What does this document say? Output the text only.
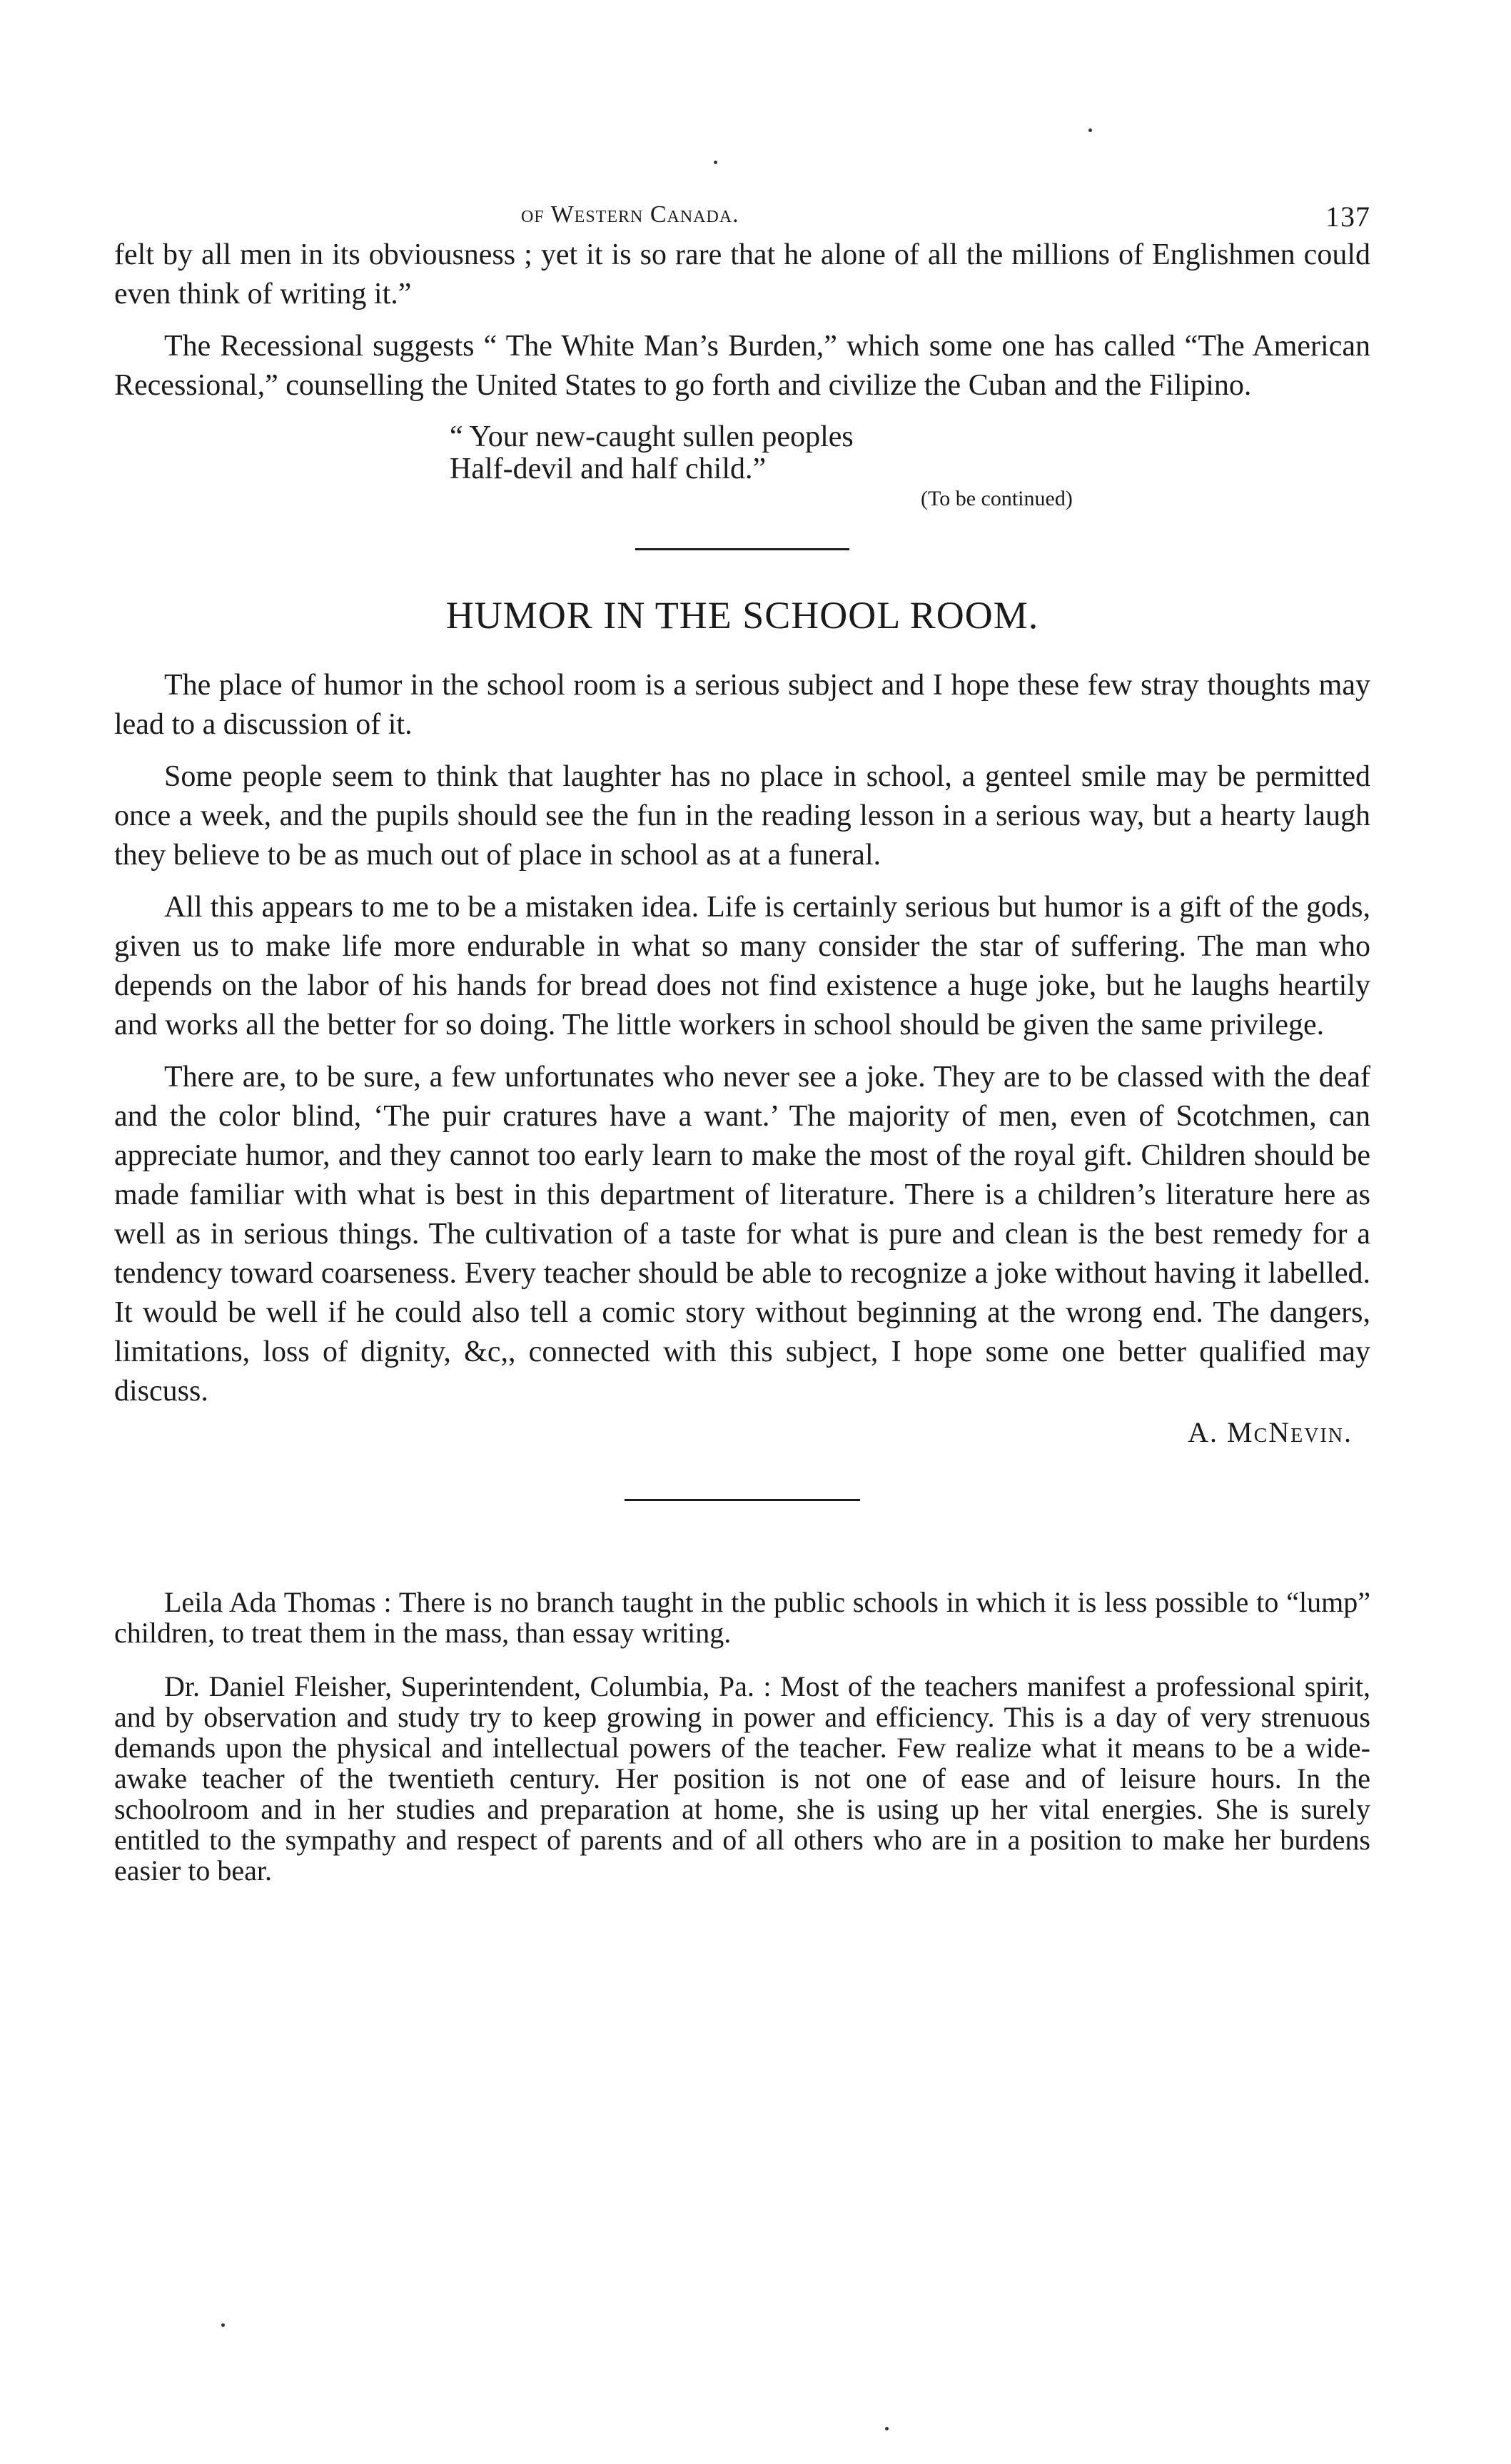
of Western Canada.	137

felt by all men in its obviousness ; yet it is so rare that he alone of all the millions of Englishmen could even think of writing it.”

The Recessional suggests “ The White Man’s Burden,” which some one has called “The American Recessional,” counselling the United States to go forth and civilize the Cuban and the Filipino.

“ Your new-caught sullen peoples
Half-devil and half child.”
(To be continued)
HUMOR IN THE SCHOOL ROOM.

The place of humor in the school room is a serious subject and I hope these few stray thoughts may lead to a discussion of it.

Some people seem to think that laughter has no place in school, a genteel smile may be permitted once a week, and the pupils should see the fun in the reading lesson in a serious way, but a hearty laugh they believe to be as much out of place in school as at a funeral.

All this appears to me to be a mistaken idea. Life is certainly serious but humor is a gift of the gods, given us to make life more endurable in what so many consider the star of suffering. The man who depends on the labor of his hands for bread does not find existence a huge joke, but he laughs heartily and works all the better for so doing. The little workers in school should be given the same privilege.

There are, to be sure, a few unfortunates who never see a joke. They are to be classed with the deaf and the color blind, ‘The puir cratures have a want.’ The majority of men, even of Scotchmen, can appreciate humor, and they cannot too early learn to make the most of the royal gift. Children should be made familiar with what is best in this department of literature. There is a children’s literature here as well as in serious things. The cultivation of a taste for what is pure and clean is the best remedy for a tendency toward coarseness. Every teacher should be able to recognize a joke without having it labelled. It would be well if he could also tell a comic story without beginning at the wrong end. The dangers, limitations, loss of dignity, &c,, connected with this subject, I hope some one better qualified may discuss.

A. McNevin.

Leila Ada Thomas : There is no branch taught in the public schools in which it is less possible to “lump” children, to treat them in the mass, than essay writing.

Dr. Daniel Fleisher, Superintendent, Columbia, Pa. : Most of the teachers manifest a professional spirit, and by observation and study try to keep growing in power and efficiency. This is a day of very strenuous demands upon the physical and intellectual powers of the teacher. Few realize what it means to be a wide-awake teacher of the twentieth century. Her position is not one of ease and of leisure hours. In the schoolroom and in her studies and preparation at home, she is using up her vital energies. She is surely entitled to the sympathy and respect of parents and of all others who are in a position to make her burdens easier to bear.
